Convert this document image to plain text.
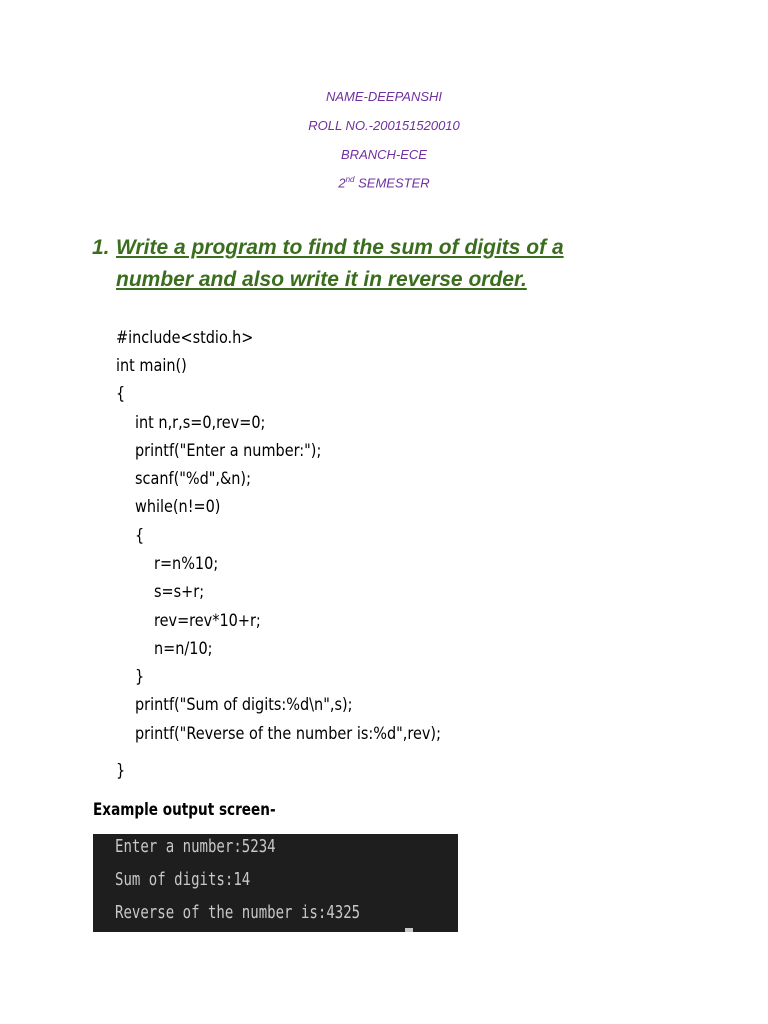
NAME-DEEPANSHI
ROLL NO.-200151520010
BRANCH-ECE
2nd SEMESTER
1. Write a program to find the sum of digits of a number and also write it in reverse order.
#include<stdio.h>
int main()
{
int n,r,s=0,rev=0;
printf("Enter a number:");
scanf("%d",&n);
while(n!=0)
{
r=n%10;
s=s+r;
rev=rev*10+r;
n=n/10;
}
printf("Sum of digits:%d\n",s);
printf("Reverse of the number is:%d",rev);
}
Example output screen-
Enter a number:5234
Sum of digits:14
Reverse of the number is:4325
